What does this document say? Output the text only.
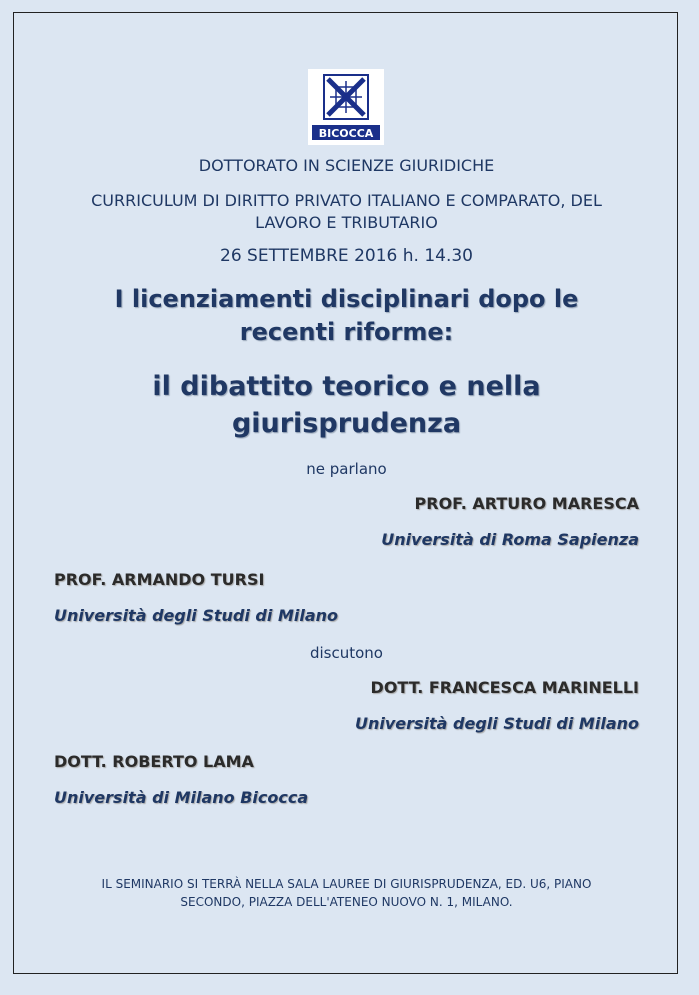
BICOCCA
DOTTORATO IN SCIENZE GIURIDICHE
CURRICULUM DI DIRITTO PRIVATO ITALIANO E COMPARATO, DEL
LAVORO E TRIBUTARIO
26 SETTEMBRE 2016 h. 14.30
I licenziamenti disciplinari dopo le
recenti riforme:
il dibattito teorico e nella
giurisprudenza
ne parlano
PROF. ARTURO MARESCA
Università di Roma Sapienza
PROF. ARMANDO TURSI
Università degli Studi di Milano
discutono
DOTT. FRANCESCA MARINELLI
Università degli Studi di Milano
DOTT. ROBERTO LAMA
Università di Milano Bicocca
IL SEMINARIO SI TERRÀ NELLA SALA LAUREE DI GIURISPRUDENZA, ED. U6, PIANO
SECONDO, PIAZZA DELL'ATENEO NUOVO N. 1, MILANO.
